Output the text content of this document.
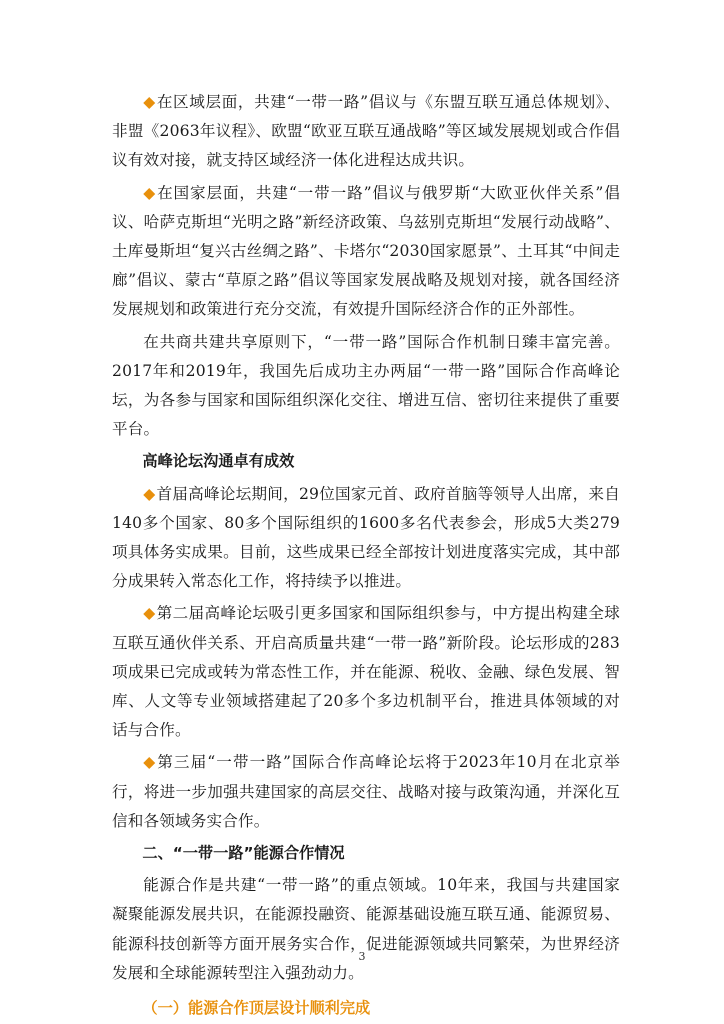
◆在区域层面，共建“一带一路”倡议与《东盟互联互通总体规划》、非盟《2063年议程》、欧盟“欧亚互联互通战略”等区域发展规划或合作倡议有效对接，就支持区域经济一体化进程达成共识。

◆在国家层面，共建“一带一路”倡议与俄罗斯“大欧亚伙伴关系”倡议、哈萨克斯坦“光明之路”新经济政策、乌兹别克斯坦“发展行动战略”、土库曼斯坦“复兴古丝绸之路”、卡塔尔“2030国家愿景”、土耳其“中间走廊”倡议、蒙古“草原之路”倡议等国家发展战略及规划对接，就各国经济发展规划和政策进行充分交流，有效提升国际经济合作的正外部性。

在共商共建共享原则下，“一带一路”国际合作机制日臻丰富完善。2017年和2019年，我国先后成功主办两届“一带一路”国际合作高峰论坛，为各参与国家和国际组织深化交往、增进互信、密切往来提供了重要平台。

高峰论坛沟通卓有成效

◆首届高峰论坛期间，29位国家元首、政府首脑等领导人出席，来自140多个国家、80多个国际组织的1600多名代表参会，形成5大类279项具体务实成果。目前，这些成果已经全部按计划进度落实完成，其中部分成果转入常态化工作，将持续予以推进。

◆第二届高峰论坛吸引更多国家和国际组织参与，中方提出构建全球互联互通伙伴关系、开启高质量共建“一带一路”新阶段。论坛形成的283项成果已完成或转为常态性工作，并在能源、税收、金融、绿色发展、智库、人文等专业领域搭建起了20多个多边机制平台，推进具体领域的对话与合作。

◆第三届“一带一路”国际合作高峰论坛将于2023年10月在北京举行，将进一步加强共建国家的高层交往、战略对接与政策沟通，并深化互信和各领域务实合作。

二、“一带一路”能源合作情况

能源合作是共建“一带一路”的重点领域。10年来，我国与共建国家凝聚能源发展共识，在能源投融资、能源基础设施互联互通、能源贸易、能源科技创新等方面开展务实合作，促进能源领域共同繁荣，为世界经济发展和全球能源转型注入强劲动力。

（一）能源合作顶层设计顺利完成

3
